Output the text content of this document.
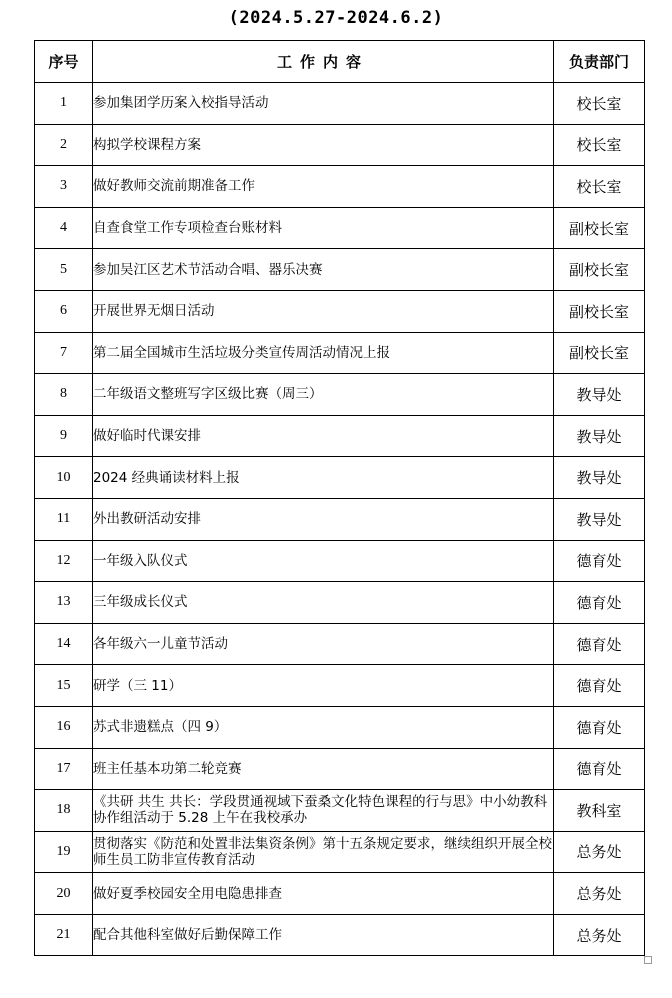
(2024.5.27-2024.6.2)
序号	工作内容	负责部门
1	参加集团学历案入校指导活动	校长室
2	构拟学校课程方案	校长室
3	做好教师交流前期准备工作	校长室
4	自查食堂工作专项检查台账材料	副校长室
5	参加吴江区艺术节活动合唱、器乐决赛	副校长室
6	开展世界无烟日活动	副校长室
7	第二届全国城市生活垃圾分类宣传周活动情况上报	副校长室
8	二年级语文整班写字区级比赛（周三）	教导处
9	做好临时代课安排	教导处
10	2024 经典诵读材料上报	教导处
11	外出教研活动安排	教导处
12	一年级入队仪式	德育处
13	三年级成长仪式	德育处
14	各年级六一儿童节活动	德育处
15	研学（三 11）	德育处
16	苏式非遗糕点（四 9）	德育处
17	班主任基本功第二轮竞赛	德育处
18	《共研 共生 共长：学段贯通视域下蚕桑文化特色课程的行与思》中小幼教科协作组活动于 5.28 上午在我校承办	教科室
19	贯彻落实《防范和处置非法集资条例》第十五条规定要求，继续组织开展全校师生员工防非宣传教育活动	总务处
20	做好夏季校园安全用电隐患排查	总务处
21	配合其他科室做好后勤保障工作	总务处
